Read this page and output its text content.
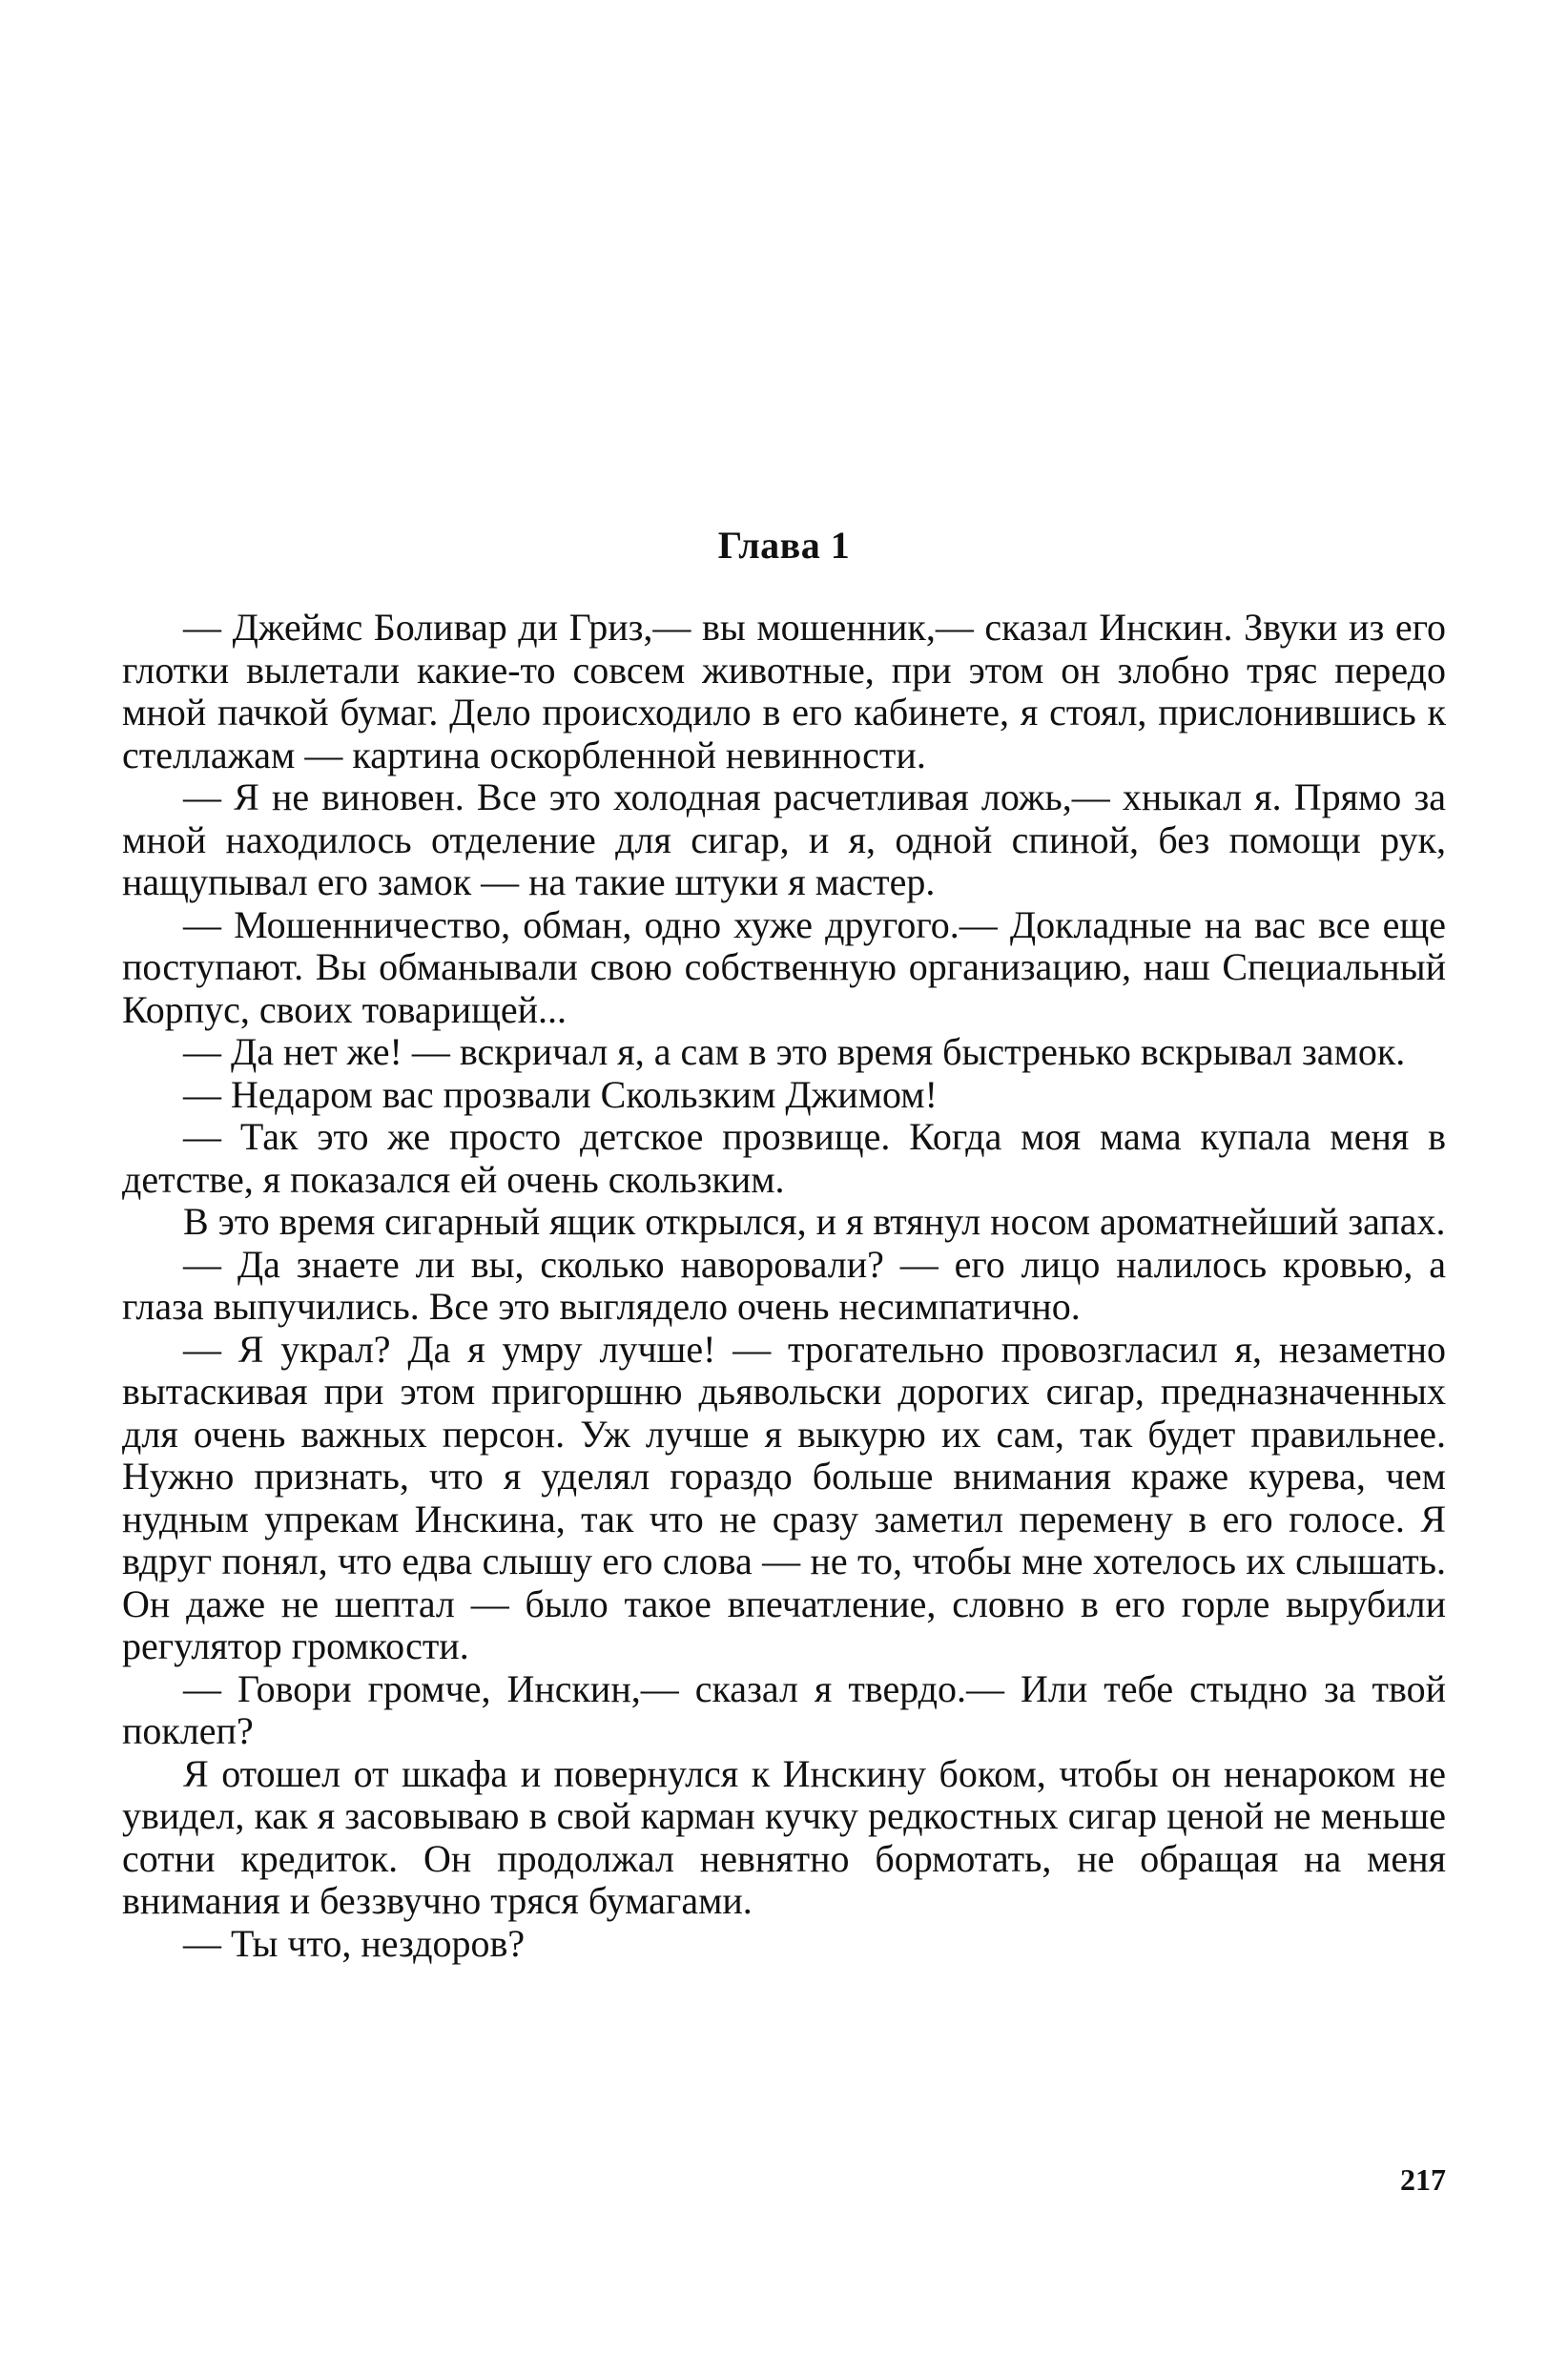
Глава 1

— Джеймс Боливар ди Гриз,— вы мошенник,— сказал Инскин. Звуки из его глотки вылетали какие-то совсем животные, при этом он злобно тряс передо мной пачкой бумаг. Дело происходило в его кабинете, я стоял, прислонившись к стеллажам — картина оскорбленной невинности.

— Я не виновен. Все это холодная расчетливая ложь,— хныкал я. Прямо за мной находилось отделение для сигар, и я, одной спиной, без помощи рук, нащупывал его замок — на такие штуки я мастер.

— Мошенничество, обман, одно хуже другого.— Докладные на вас все еще поступают. Вы обманывали свою собственную организацию, наш Специальный Корпус, своих товарищей...

— Да нет же! — вскричал я, а сам в это время быстренько вскрывал замок.

— Недаром вас прозвали Скользким Джимом!

— Так это же просто детское прозвище. Когда моя мама купала меня в детстве, я показался ей очень скользким.

В это время сигарный ящик открылся, и я втянул носом ароматнейший запах.

— Да знаете ли вы, сколько наворовали? — его лицо налилось кровью, а глаза выпучились. Все это выглядело очень несимпатично.

— Я украл? Да я умру лучше! — трогательно провозгласил я, незаметно вытаскивая при этом пригоршню дьявольски дорогих сигар, предназначенных для очень важных персон. Уж лучше я выкурю их сам, так будет правильнее. Нужно признать, что я уделял гораздо больше внимания краже курева, чем нудным упрекам Инскина, так что не сразу заметил перемену в его голосе. Я вдруг понял, что едва слышу его слова — не то, чтобы мне хотелось их слышать. Он даже не шептал — было такое впечатление, словно в его горле вырубили регулятор громкости.

— Говори громче, Инскин,— сказал я твердо.— Или тебе стыдно за твой поклеп?

Я отошел от шкафа и повернулся к Инскину боком, чтобы он ненароком не увидел, как я засовываю в свой карман кучку редкостных сигар ценой не меньше сотни кредиток. Он продолжал невнятно бормотать, не обращая на меня внимания и беззвучно тряся бумагами.

— Ты что, нездоров?

217
